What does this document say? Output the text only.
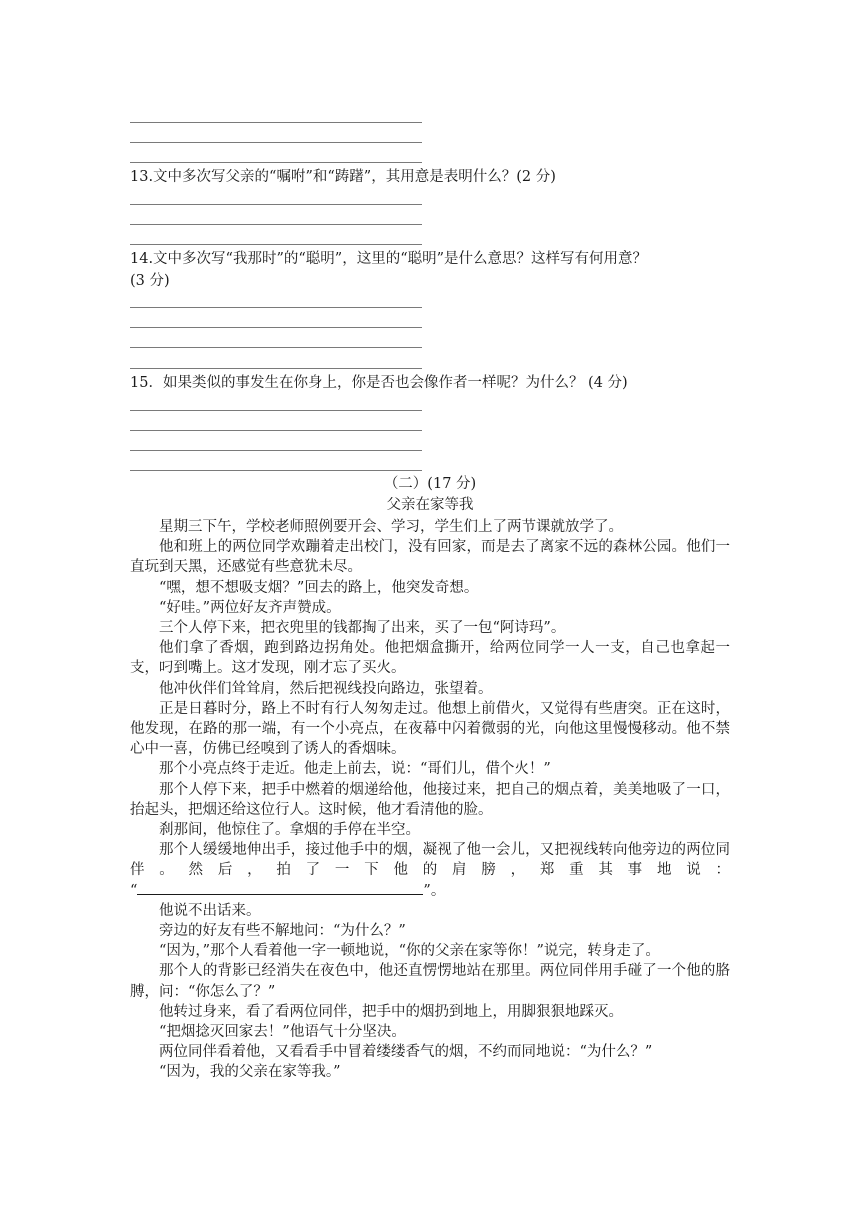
13.文中多次写父亲的“嘱咐”和“踌躇”，其用意是表明什么？(2 分)

14.文中多次写“我那时”的“聪明”，这里的“聪明”是什么意思？这样写有何用意？
(3 分)

15．如果类似的事发生在你身上，你是否也会像作者一样呢？为什么？ (4 分)

（二）(17 分)

父亲在家等我

星期三下午，学校老师照例要开会、学习，学生们上了两节课就放学了。

他和班上的两位同学欢蹦着走出校门，没有回家，而是去了离家不远的森林公园。他们一直玩到天黑，还感觉有些意犹未尽。

“嘿，想不想吸支烟？”回去的路上，他突发奇想。

“好哇。”两位好友齐声赞成。

三个人停下来，把衣兜里的钱都掏了出来，买了一包“阿诗玛”。

他们拿了香烟，跑到路边拐角处。他把烟盒撕开，给两位同学一人一支，自己也拿起一支，叼到嘴上。这才发现，刚才忘了买火。

他冲伙伴们耸耸肩，然后把视线投向路边，张望着。

正是日暮时分，路上不时有行人匆匆走过。他想上前借火，又觉得有些唐突。正在这时，他发现，在路的那一端，有一个小亮点，在夜幕中闪着微弱的光，向他这里慢慢移动。他不禁心中一喜，仿佛已经嗅到了诱人的香烟味。

那个小亮点终于走近。他走上前去，说：“哥们儿，借个火！”

那个人停下来，把手中燃着的烟递给他，他接过来，把自己的烟点着，美美地吸了一口，抬起头，把烟还给这位行人。这时候，他才看清他的脸。

刹那间，他惊住了。拿烟的手停在半空。

那个人缓缓地伸出手，接过他手中的烟，凝视了他一会儿，又把视线转向他旁边的两位同伴。然后，拍了一下他的肩膀，郑重其事地说：

“	”。

他说不出话来。

旁边的好友有些不解地问：“为什么？”

“因为，”那个人看着他一字一顿地说，“你的父亲在家等你！”说完，转身走了。

那个人的背影已经消失在夜色中，他还直愣愣地站在那里。两位同伴用手碰了一个他的胳膊，问：“你怎么了？”

他转过身来，看了看两位同伴，把手中的烟扔到地上，用脚狠狠地踩灭。

“把烟捻灭回家去！”他语气十分坚决。

两位同伴看着他，又看看手中冒着缕缕香气的烟，不约而同地说：“为什么？”

“因为，我的父亲在家等我。”
